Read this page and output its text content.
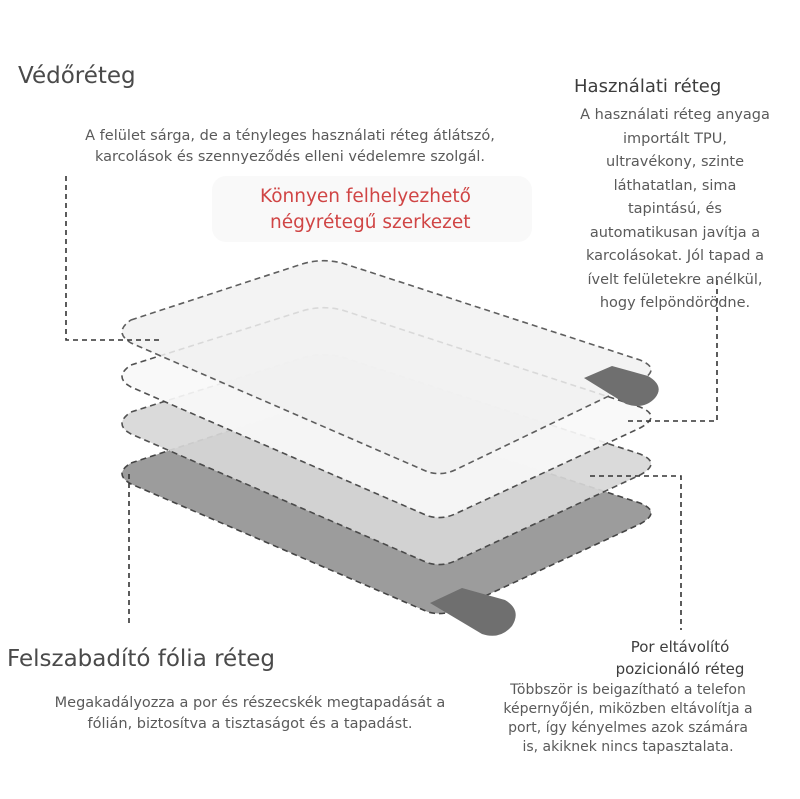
Könnyen felhelyezhető
négyrétegű szerkezet
Védőréteg
A felület sárga, de a tényleges használati réteg átlátszó,
karcolások és szennyeződés elleni védelemre szolgál.
Használati réteg
A használati réteg anyaga
importált TPU,
ultravékony, szinte
láthatatlan, sima
tapintású, és
automatikusan javítja a
karcolásokat. Jól tapad a
ívelt felületekre anélkül,
hogy felpöndörödne.
Felszabadító fólia réteg
Megakadályozza a por és részecskék megtapadását a
fólián, biztosítva a tisztaságot és a tapadást.
Por eltávolító
pozicionáló réteg
Többször is beigazítható a telefon
képernyőjén, miközben eltávolítja a
port, így kényelmes azok számára
is, akiknek nincs tapasztalata.
